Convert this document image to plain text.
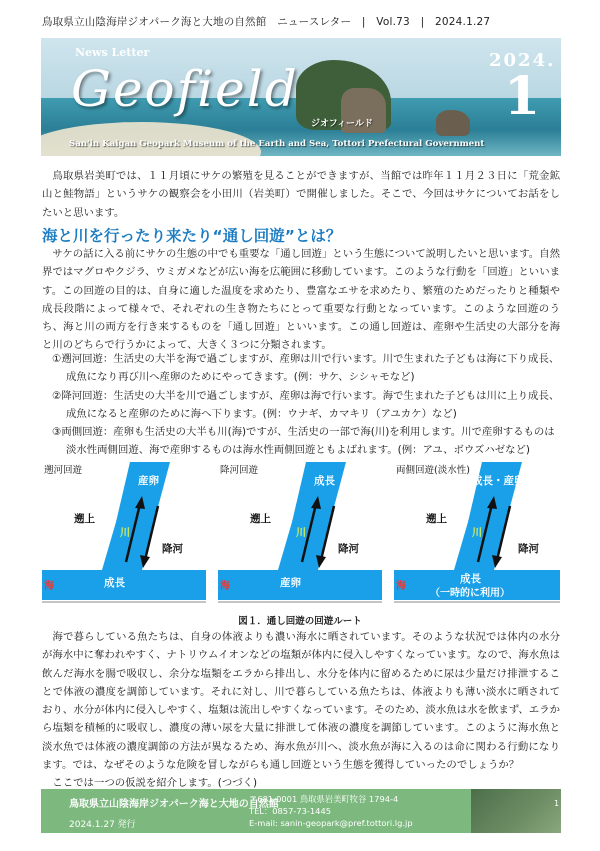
鳥取県立山陰海岸ジオパーク海と大地の自然館　ニュースレター　|　Vol.73　|　2024.1.27
News Letter
Geofield
ジオフィールド
2024.
1
San'in Kaigan Geopark Museum of the Earth and Sea, Tottori Prefectural Government

鳥取県岩美町では、１１月頃にサケの繁殖を見ることができますが、当館では昨年１１月２３日に「荒金鉱山と鮭物語」というサケの観察会を小田川（岩美町）で開催しました。そこで、今回はサケについてお話をしたいと思います。

海と川を行ったり来たり“通し回遊”とは？

サケの話に入る前にサケの生態の中でも重要な「通し回遊」という生態について説明したいと思います。自然界ではマグロやクジラ、ウミガメなどが広い海を広範囲に移動しています。このような行動を「回遊」といいます。この回遊の目的は、自身に適した温度を求めたり、豊富なエサを求めたり、繁殖のためだったりと種類や成長段階によって様々で、それぞれの生き物たちにとって重要な行動となっています。このような回遊のうち、海と川の両方を行き来するものを「通し回遊」といいます。この通し回遊は、産卵や生活史の大部分を海と川のどちらで行うかによって、大きく３つに分類されます。

①遡河回遊：生活史の大半を海で過ごしますが、産卵は川で行います。川で生まれた子どもは海に下り成長、成魚になり再び川へ産卵のためにやってきます。(例：サケ、シシャモなど)
②降河回遊：生活史の大半を川で過ごしますが、産卵は海で行います。海で生まれた子どもは川に上り成長、成魚になると産卵のために海へ下ります。(例：ウナギ、カマキリ（アユカケ）など)
③両側回遊：産卵も生活史の大半も川(海)ですが、生活史の一部で海(川)を利用します。川で産卵するものは淡水性両側回遊、海で産卵するものは海水性両側回遊ともよばれます。(例：アユ、ボウズハゼなど)
遡河回遊
産卵
遡上
川
降河
海	成長
降河回遊
成長
遡上
川
降河
海	産卵
両側回遊(淡水性)
成長・産卵
遡上
川
降河
海
成長
（一時的に利用）
図１．通し回遊の回遊ルート

海で暮らしている魚たちは、自身の体液よりも濃い海水に晒されています。そのような状況では体内の水分が海水中に奪われやすく、ナトリウムイオンなどの塩類が体内に侵入しやすくなっています。なので、海水魚は飲んだ海水を腸で吸収し、余分な塩類をエラから排出し、水分を体内に留めるために尿は少量だけ排泄することで体液の濃度を調節しています。それに対し、川で暮らしている魚たちは、体液よりも薄い淡水に晒されており、水分が体内に侵入しやすく、塩類は流出しやすくなっています。そのため、淡水魚は水を飲まず、エラから塩類を積極的に吸収し、濃度の薄い尿を大量に排泄して体液の濃度を調節しています。このように海水魚と淡水魚では体液の濃度調節の方法が異なるため、海水魚が川へ、淡水魚が海に入るのは命に関わる行動になります。では、なぜそのような危険を冒しながらも通し回遊という生態を獲得していったのでしょうか？

ここでは一つの仮説を紹介します。(つづく)

鳥取県立山陰海岸ジオパーク海と大地の自然館
2024.1.27 発行
〒681-0001 鳥取県岩美町牧谷 1794-4
TEL：0857-73-1445
E-mail: sanin-geopark@pref.tottori.lg.jp
1
